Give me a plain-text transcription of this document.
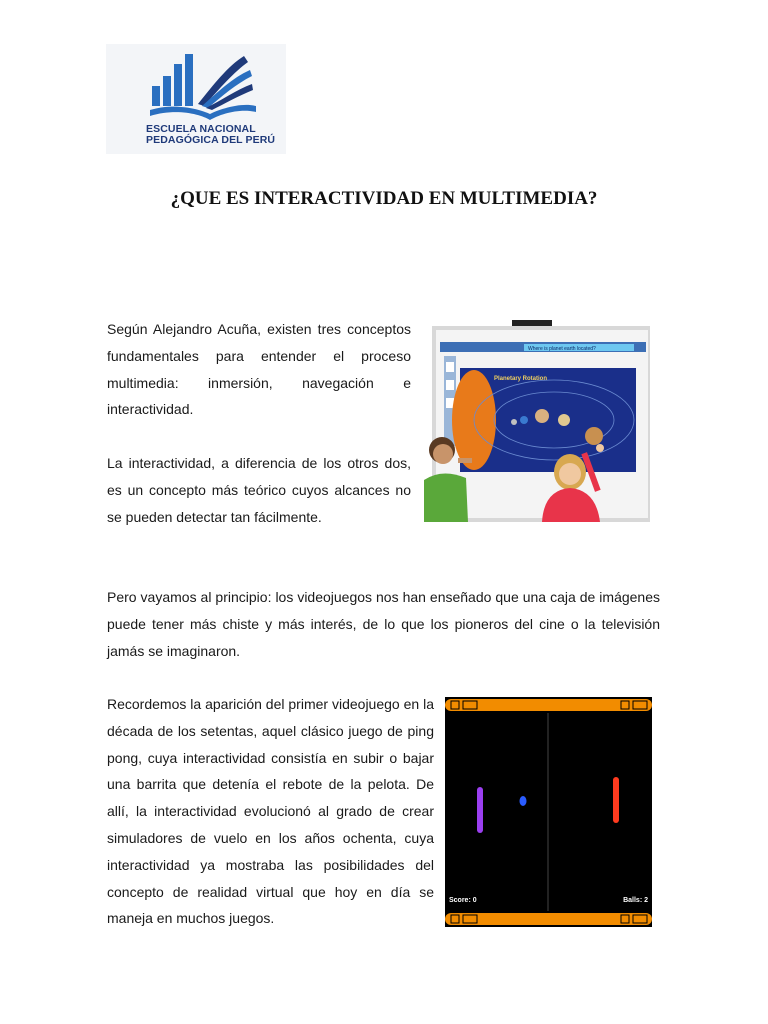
ESCUELA NACIONAL
PEDAGÓGICA DEL PERÚ
¿QUE ES INTERACTIVIDAD EN MULTIMEDIA?

Según Alejandro Acuña, existen tres conceptos fundamentales para entender el proceso multimedia: inmersión, navegación e interactividad.

La interactividad, a diferencia de los otros dos, es un concepto más teórico cuyos alcances no se pueden detectar tan fácilmente.

Where is planet earth located?
Planetary Rotation

Pero vayamos al principio: los videojuegos nos han enseñado que una caja de imágenes puede tener más chiste y más interés, de lo que los pioneros del cine o la televisión jamás se imaginaron.

Recordemos la aparición del primer videojuego en la década de los setentas, aquel clásico juego de ping pong, cuya interactividad consistía en subir o bajar una barrita que detenía el rebote de la pelota. De allí, la interactividad evolucionó al grado de crear simuladores de vuelo en los años ochenta, cuya interactividad ya mostraba las posibilidades del concepto de realidad virtual que hoy en día se maneja en muchos juegos.

Score: 0	Balls: 2
